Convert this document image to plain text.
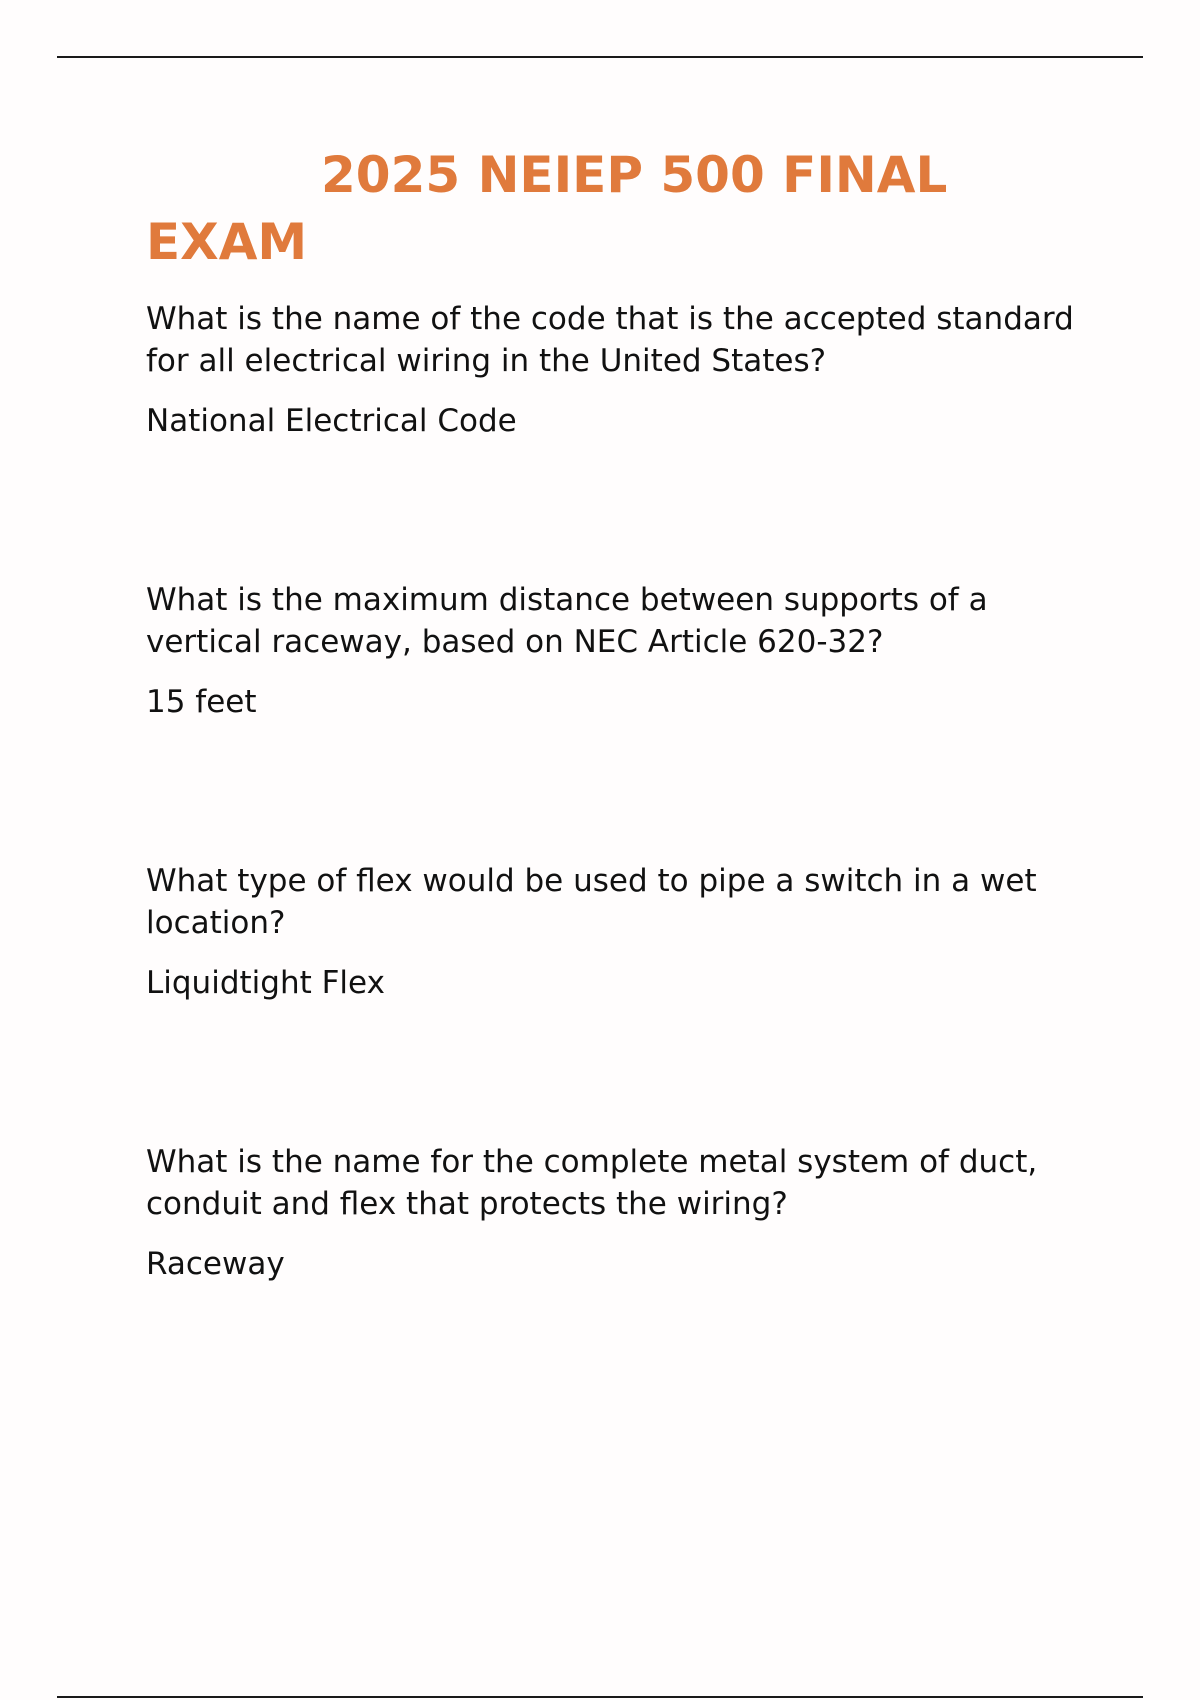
2025 NEIEP 500 FINAL EXAM

What is the name of the code that is the accepted standard for all electrical wiring in the United States?

National Electrical Code

What is the maximum distance between supports of a vertical raceway, based on NEC Article 620-32?

15 feet

What type of flex would be used to pipe a switch in a wet location?

Liquidtight Flex

What is the name for the complete metal system of duct, conduit and flex that protects the wiring?

Raceway
